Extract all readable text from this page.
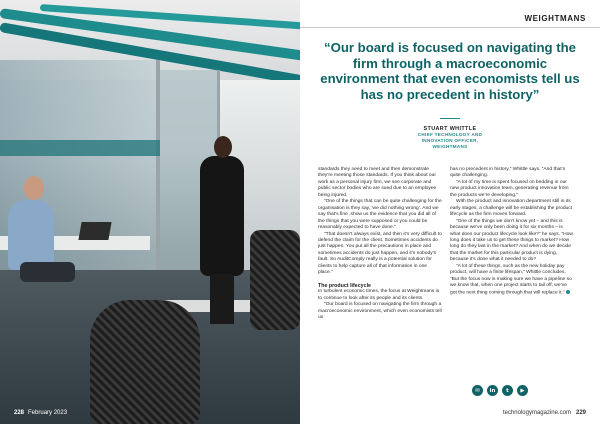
228 February 2023
WEIGHTMANS
“Our board is focused on navigating the firm through a macroeconomic environment that even economists tell us has no precedent in history”
STUART WHITTLE
CHIEF TECHNOLOGY AND
INNOVATION OFFICER,
WEIGHTMANS

standards they need to meet and then demonstrate they’re meeting those standards. If you think about our work as a personal injury firm, we see corporate and public sector bodies who are sued due to an employee being injured.

“One of the things that can be quite challenging for the organisation is they say, ‘we did nothing wrong’. And we say that’s fine ,show us the evidence that you did all of the things that you were supposed or you could be reasonably expected to have done.”

“That doesn’t always exist, and then it’s very difficult to defend the claim for the client. Sometimes accidents do just happen. You put all the precautions in place and sometimes accidents do just happen, and it’s nobody’s fault. So AuditComply really is a potential solution for clients to help capture all of that information in one place.”

The product lifecycle

In turbulent economic times, the focus at Weightmans is to continue to look after its people and its clients.

“Our board is focused on navigating the firm through a macroeconomic environment, which even economists tell us

has no precedent in history,” Whittle says. “And that’s quite challenging.

“A lot of my time is spent focused on bedding in our new product innovation team, generating revenue from the products we’re developing.”

With the product and innovation department still in its early stages, a challenge will be establishing the product lifecycle as the firm moves forward.

“One of the things we don’t know yet – and this is because we’ve only been doing it for six months – is what does our product lifecycle look like?” he says. “How long does it take us to get these things to market? How long do they last in the market? And when do we decide that the market for this particular product is dying, because it’s done what it needed to do?

“A lot of these things, such as the new holiday pay product, will have a finite lifespan,” Whittle concludes. “But the focus now is making sure we have a pipeline so we know that, when one project starts to tail off, we’ve got the next thing coming through that will replace it.”

✉	in	t	▶
technologymagazine.com 229
